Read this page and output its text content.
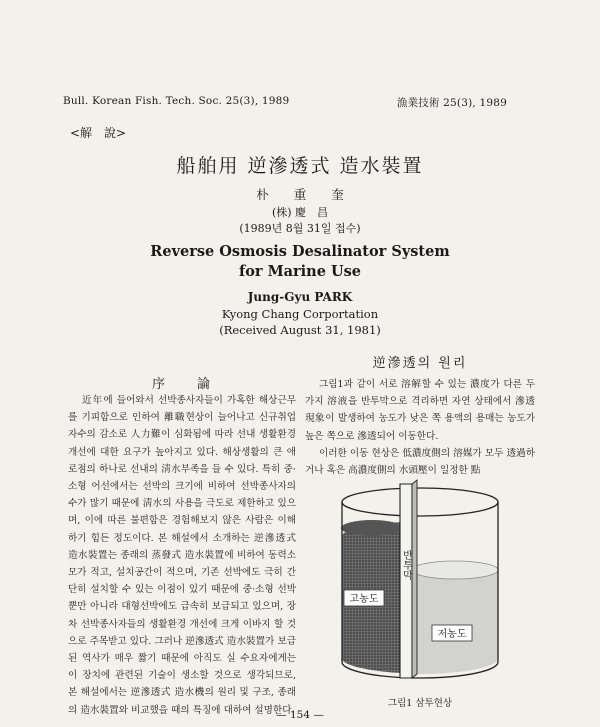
Bull. Korean Fish. Tech. Soc. 25(3), 1989	漁業技術 25(3), 1989
<解　說>
船舶用 逆滲透式 造水裝置
朴　　重　　奎
(株) 慶　昌
(1989년 8월 31일 접수)
Reverse Osmosis Desalinator System
for Marine Use
Jung-Gyu PARK
Kyong Chang Corportation
(Received August 31, 1981)
序　　論

近年에 들어와서 선박종사자들이 가혹한 해상근무를 기피함으로 인하여 離職현상이 늘어나고 신규취업자수의 감소로 人力難이 심화됨에 따라 선내 생활환경 개선에 대한 요구가 높아지고 있다. 해상생활의 큰 애로점의 하나로 선내의 淸水부족을 들 수 있다. 특히 중·소형 어선에서는 선박의 크기에 비하여 선박종사자의 수가 많기 때문에 淸水의 사용을 극도로 제한하고 있으며, 이에 따른 불편함은 경험해보지 않은 사람은 이해하기 힘든 정도이다. 본 해설에서 소개하는 逆滲透式 造水裝置는 종래의 蒸發式 造水裝置에 비하여 동력소모가 적고, 설치공간이 적으며, 기존 선박에도 극히 간단히 설치할 수 있는 이점이 있기 때문에 중·소형 선박 뿐만 아니라 대형선박에도 급속히 보급되고 있으며, 장차 선박종사자들의 생활환경 개선에 크게 이바지 할 것으로 주목받고 있다. 그러나 逆滲透式 造水裝置가 보급된 역사가 매우 짧기 때문에 아직도 실 수요자에게는 이 장치에 관련된 기술이 생소할 것으로 생각되므로, 본 해설에서는 逆滲透式 造水機의 원리 및 구조, 종래의 造水裝置와 비교했을 때의 특징에 대하여 설명한다.

逆滲透의 원리

그림1과 같이 서로 溶解할 수 있는 濃度가 다른 두 가지 溶液을 반투막으로 격리하면 자연 상태에서 滲透現象이 발생하여 농도가 낮은 쪽 용액의 용매는 농도가 높은 쪽으로 滲透되어 이동한다.

이러한 이동 현상은 低濃度側의 溶媒가 모두 透過하거나 혹은 高濃度側의 水頭壓이 일정한 點

고농도
반투막
저농도
그림1 삼투현상
— 154 —
